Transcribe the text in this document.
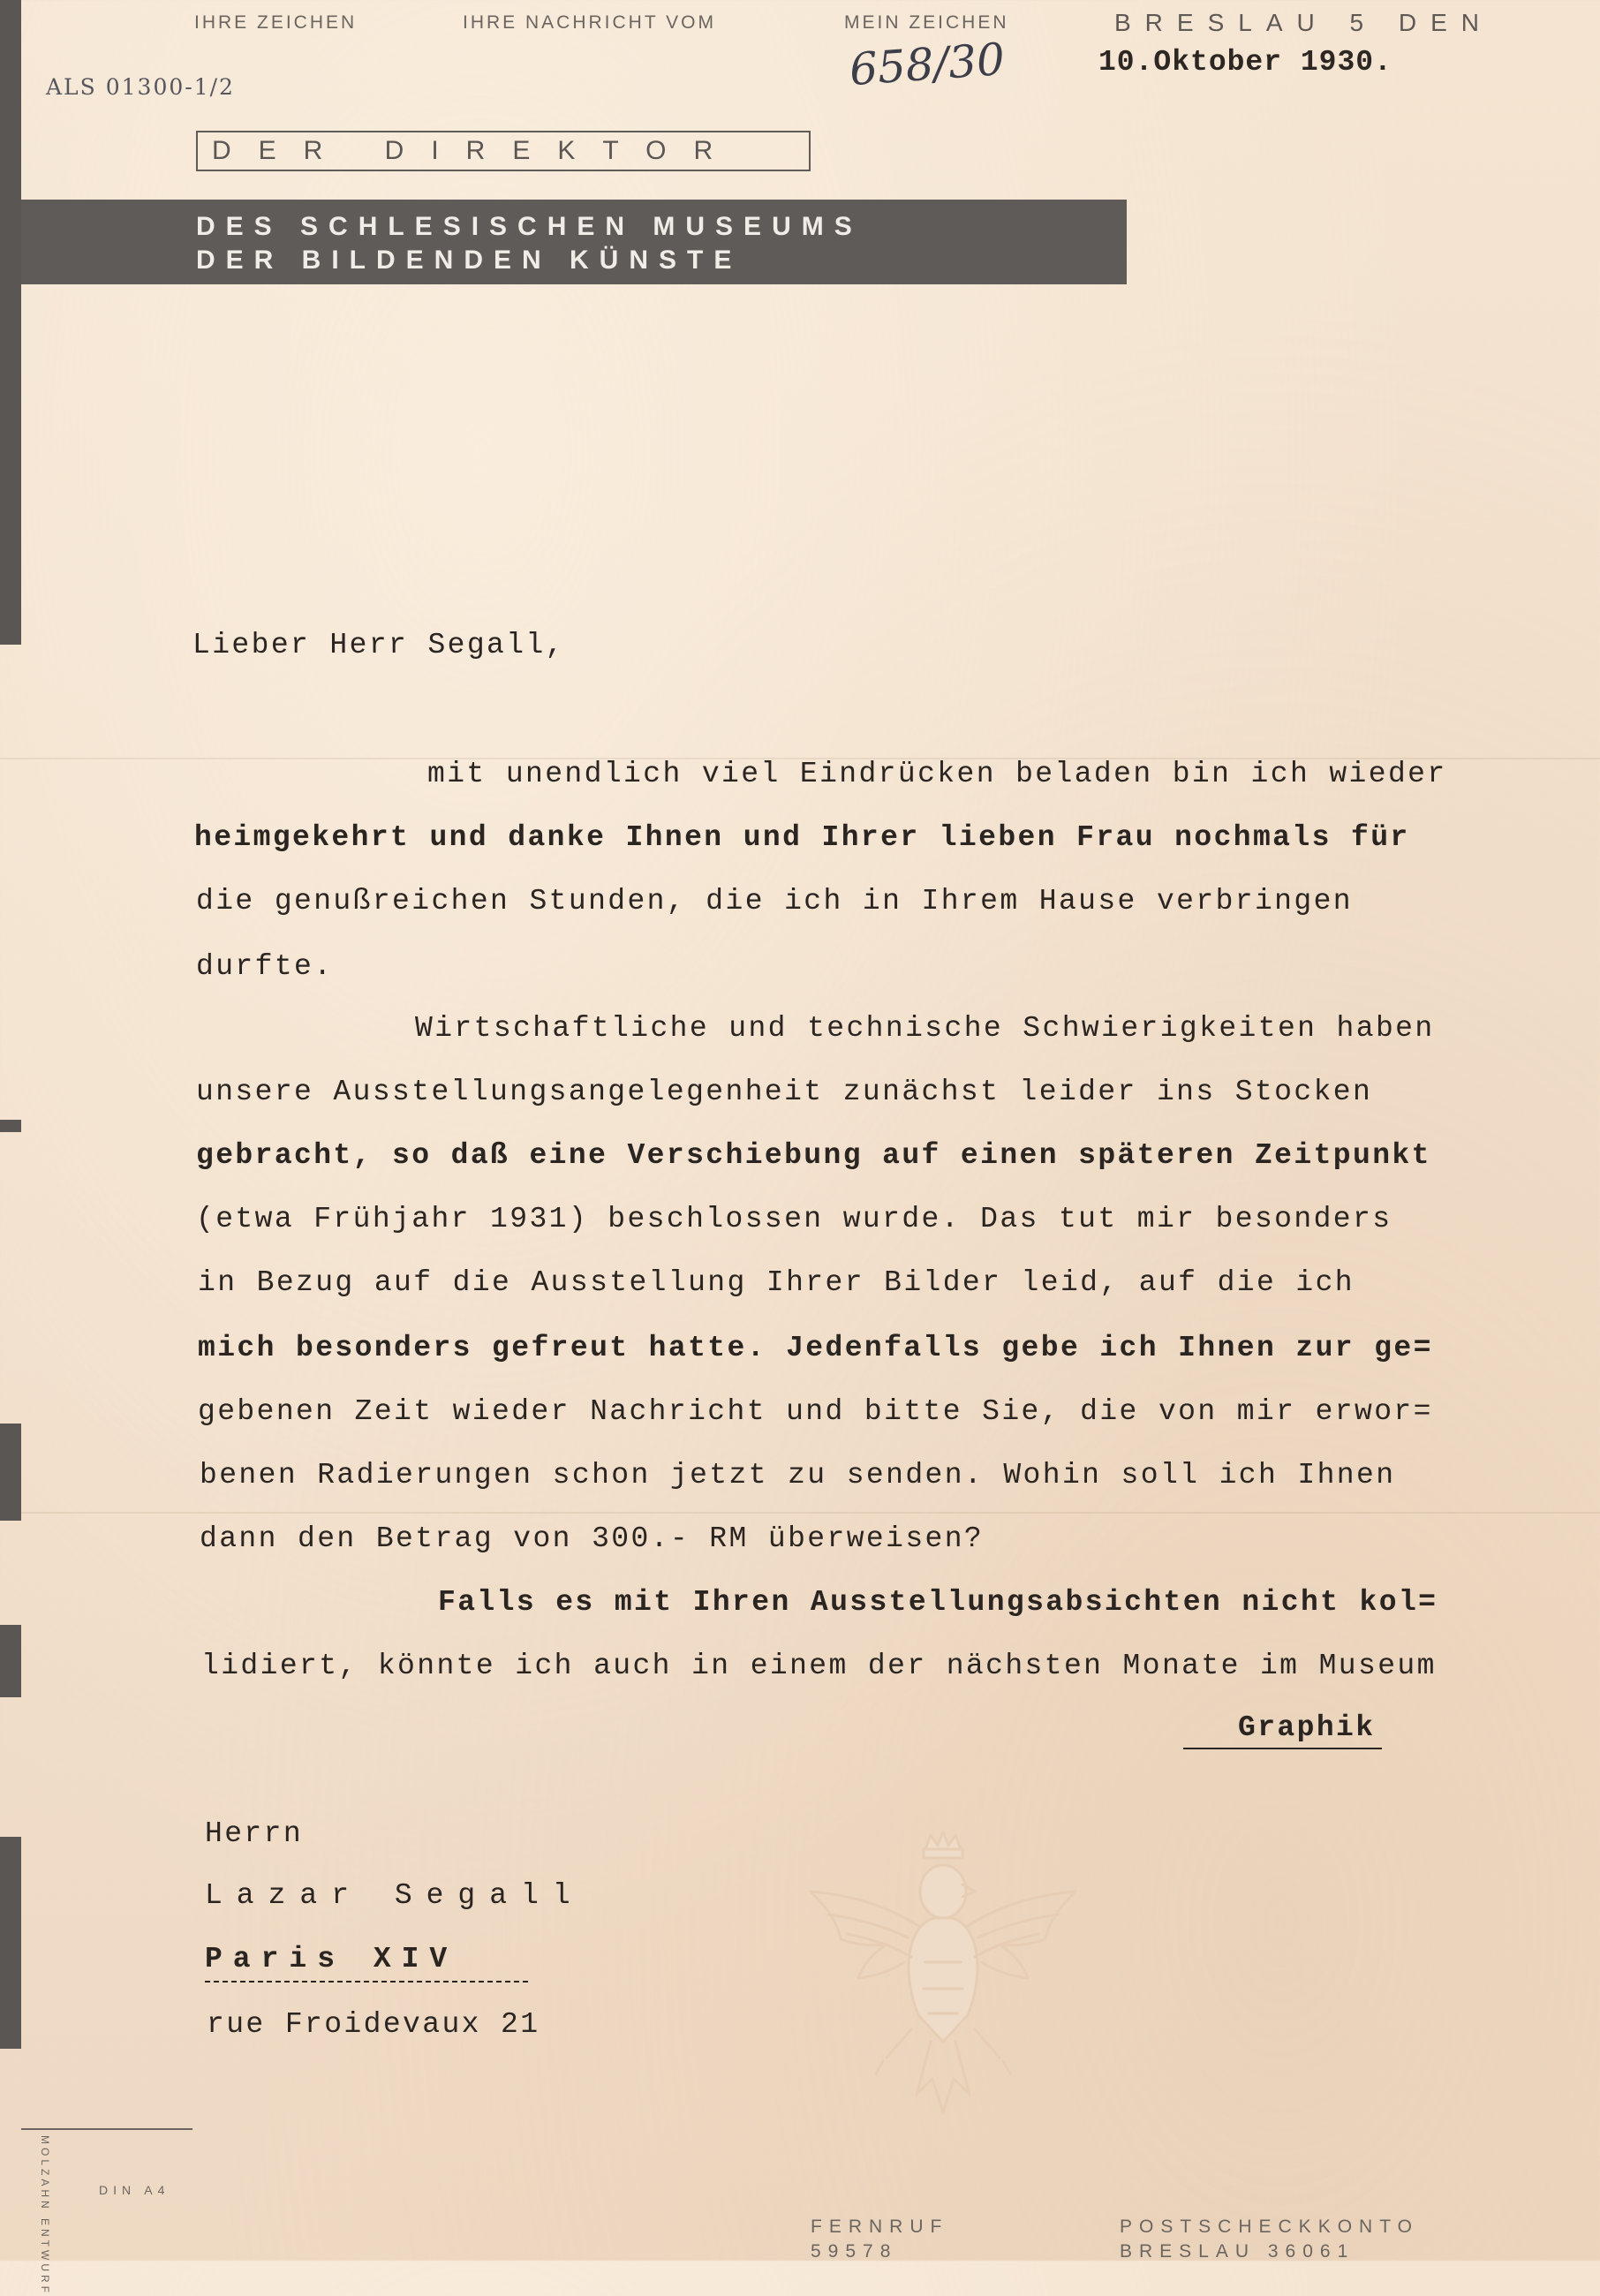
IHRE ZEICHEN	IHRE NACHRICHT VOM	MEIN ZEICHEN	BRESLAU 5 DEN
10.Oktober 1930.
658/30
ALS 01300-1/2
DER DIREKTOR
DES SCHLESISCHEN MUSEUMS
DER BILDENDEN KÜNSTE
Lieber Herr Segall,
mit unendlich viel Eindrücken beladen bin ich wieder
heimgekehrt und danke Ihnen und Ihrer lieben Frau nochmals für
die genußreichen Stunden, die ich in Ihrem Hause verbringen
durfte.
Wirtschaftliche und technische Schwierigkeiten haben
unsere Ausstellungsangelegenheit zunächst leider ins Stocken
gebracht, so daß eine Verschiebung auf einen späteren Zeitpunkt
(etwa Frühjahr 1931) beschlossen wurde. Das tut mir besonders
in Bezug auf die Ausstellung Ihrer Bilder leid, auf die ich
mich besonders gefreut hatte. Jedenfalls gebe ich Ihnen zur ge=
gebenen Zeit wieder Nachricht und bitte Sie, die von mir erwor=
benen Radierungen schon jetzt zu senden. Wohin soll ich Ihnen
dann den Betrag von 300.- RM überweisen?
Falls es mit Ihren Ausstellungsabsichten nicht kol=
lidiert, könnte ich auch in einem der nächsten Monate im Museum
Graphik
Herrn
Lazar Segall
Paris XIV
rue Froidevaux 21
MOLZAHN ENTWURF	DIN A4
FERNRUF
59578
POSTSCHECKKONTO
BRESLAU 36061
